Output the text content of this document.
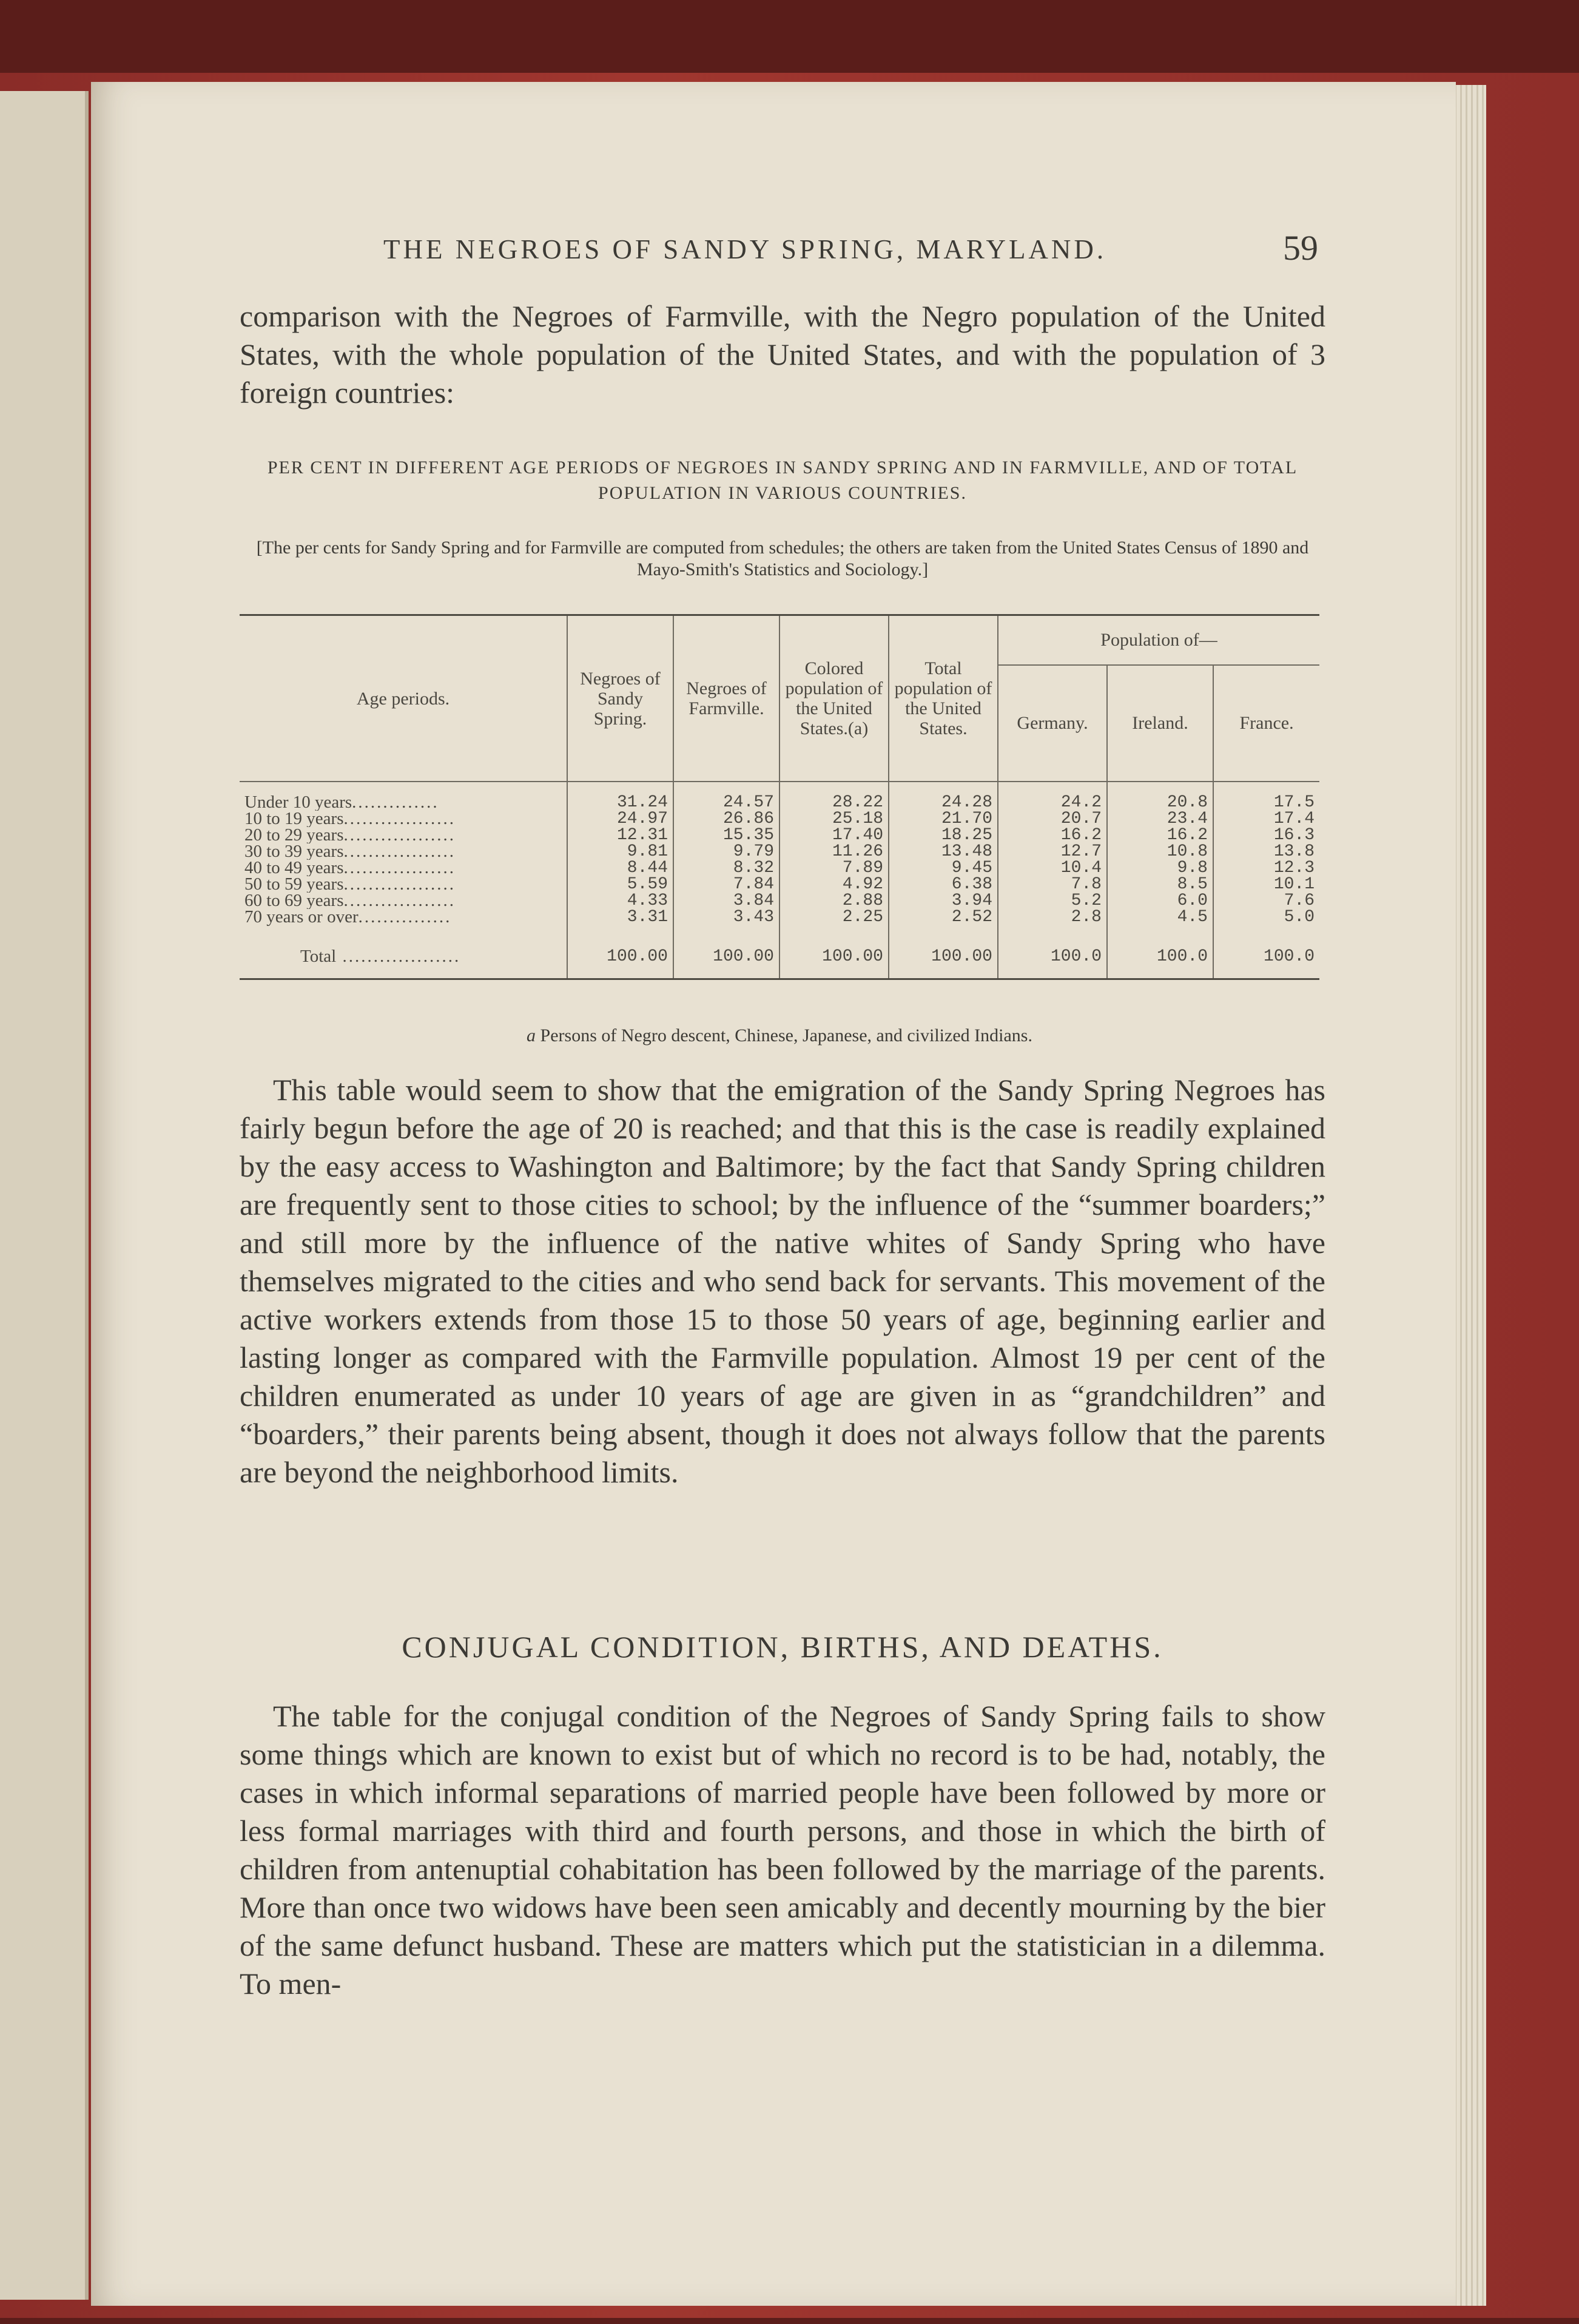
THE NEGROES OF SANDY SPRING, MARYLAND.	59

comparison with the Negroes of Farmville, with the Negro population of the United States, with the whole population of the United States, and with the population of 3 foreign countries:

PER CENT IN DIFFERENT AGE PERIODS OF NEGROES IN SANDY SPRING AND IN FARMVILLE, AND OF TOTAL POPULATION IN VARIOUS COUNTRIES.

[The per cents for Sandy Spring and for Farmville are computed from schedules; the others are taken from the United States Census of 1890 and Mayo-Smith's Statistics and Sociology.]

Age periods.	Negroes of Sandy Spring.	Negroes of Farmville.	Colored population of the United States.(a)	Total population of the United States.	Population of—		
					Germany.	Ireland.	France.
Under 10 years..............	31.24	24.57	28.22	24.28	24.2	20.8	17.5
10 to 19 years..................	24.97	26.86	25.18	21.70	20.7	23.4	17.4
20 to 29 years..................	12.31	15.35	17.40	18.25	16.2	16.2	16.3
30 to 39 years..................	9.81	9.79	11.26	13.48	12.7	10.8	13.8
40 to 49 years..................	8.44	8.32	7.89	9.45	10.4	9.8	12.3
50 to 59 years..................	5.59	7.84	4.92	6.38	7.8	8.5	10.1
60 to 69 years..................	4.33	3.84	2.88	3.94	5.2	6.0	7.6
70 years or over...............	3.31	3.43	2.25	2.52	2.8	4.5	5.0
Total ...................	100.00	100.00	100.00	100.00	100.0	100.0	100.0

a Persons of Negro descent, Chinese, Japanese, and civilized Indians.

This table would seem to show that the emigration of the Sandy Spring Negroes has fairly begun before the age of 20 is reached; and that this is the case is readily explained by the easy access to Washington and Baltimore; by the fact that Sandy Spring children are frequently sent to those cities to school; by the influence of the “summer boarders;” and still more by the influence of the native whites of Sandy Spring who have themselves migrated to the cities and who send back for servants. This movement of the active workers extends from those 15 to those 50 years of age, beginning earlier and lasting longer as compared with the Farmville population. Almost 19 per cent of the children enumerated as under 10 years of age are given in as “grandchildren” and “boarders,” their parents being absent, though it does not always follow that the parents are beyond the neighborhood limits.

CONJUGAL CONDITION, BIRTHS, AND DEATHS.

The table for the conjugal condition of the Negroes of Sandy Spring fails to show some things which are known to exist but of which no record is to be had, notably, the cases in which informal separations of married people have been followed by more or less formal marriages with third and fourth persons, and those in which the birth of children from antenuptial cohabitation has been followed by the marriage of the parents. More than once two widows have been seen amicably and decently mourning by the bier of the same defunct husband. These are matters which put the statistician in a dilemma. To men-
